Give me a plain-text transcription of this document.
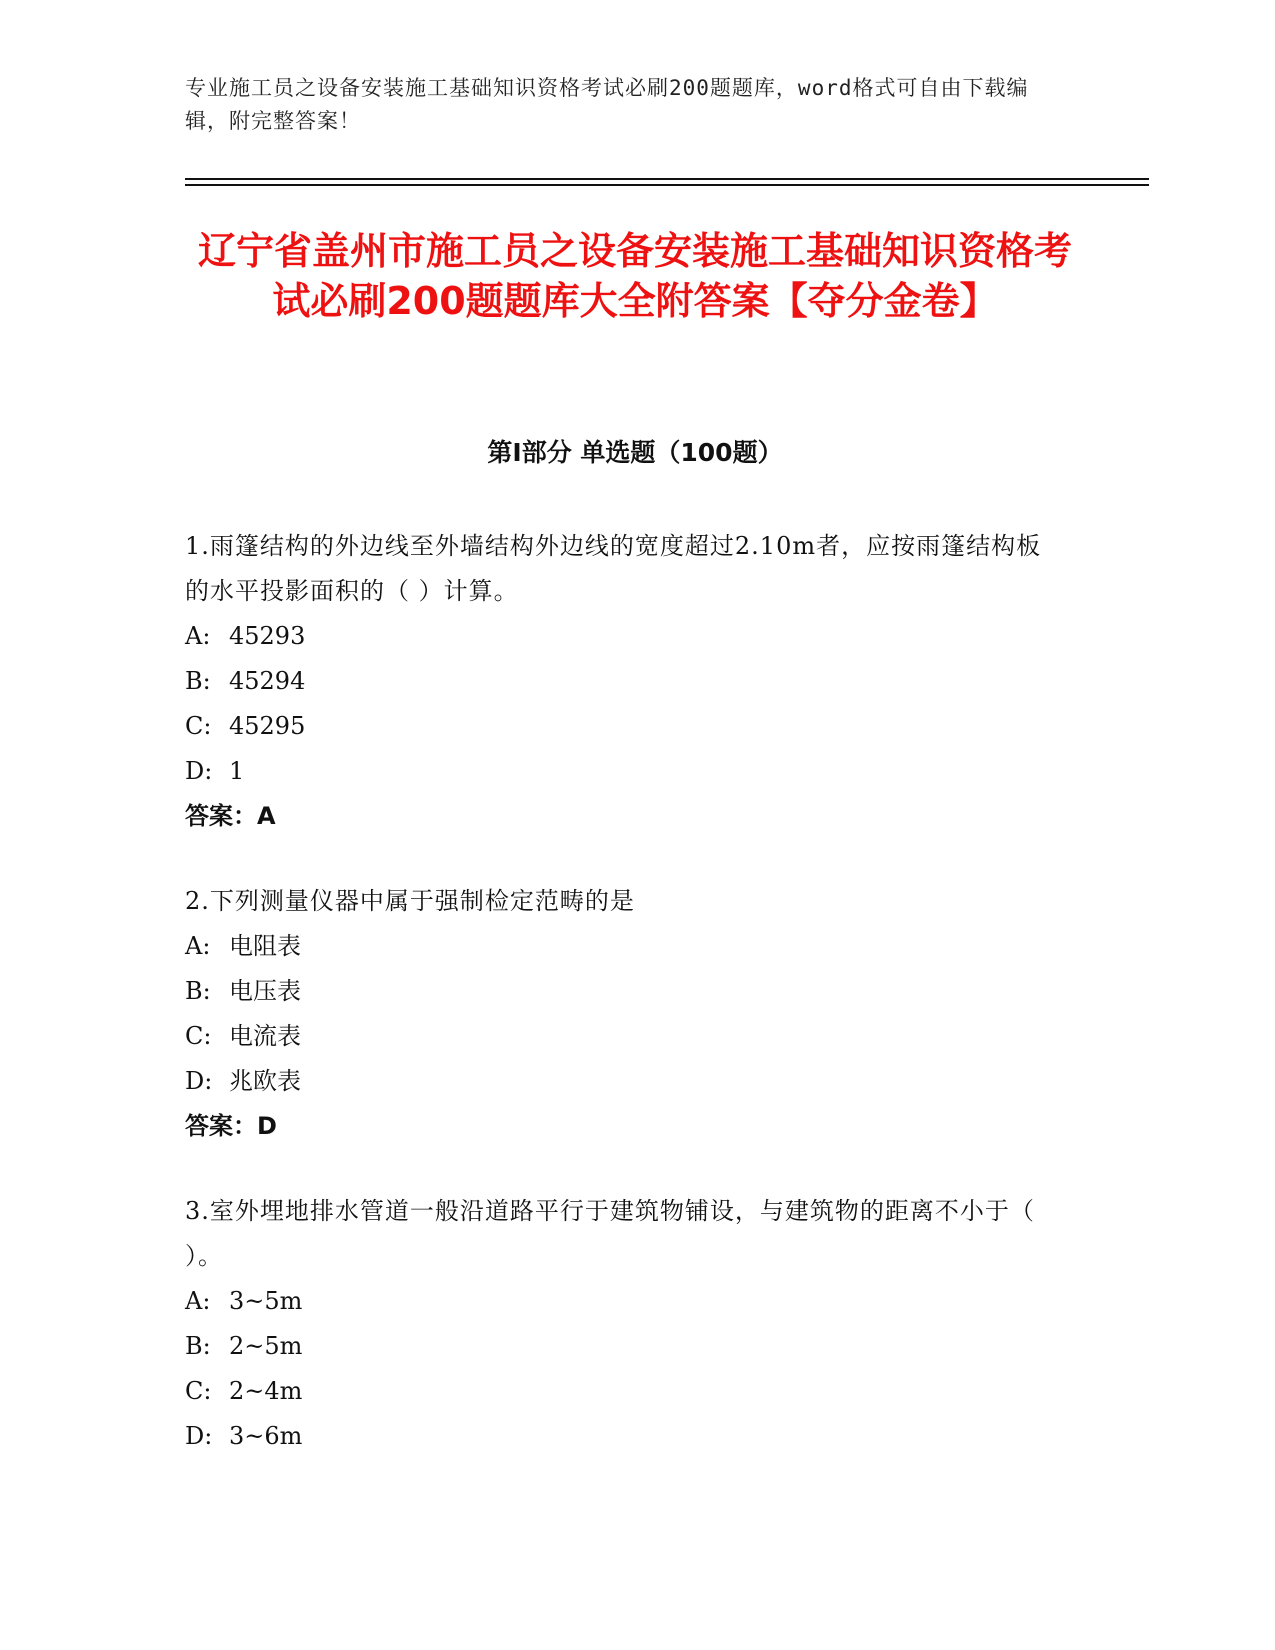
专业施工员之设备安装施工基础知识资格考试必刷200题题库，word格式可自由下载编辑，附完整答案！
辽宁省盖州市施工员之设备安装施工基础知识资格考试必刷200题题库大全附答案【夺分金卷】
第I部分 单选题（100题）
1.雨篷结构的外边线至外墙结构外边线的宽度超过2.10m者，应按雨篷结构板的水平投影面积的（ ）计算。
A: 45293
B: 45294
C: 45295
D: 1
答案：A
2.下列测量仪器中属于强制检定范畴的是
A: 电阻表
B: 电压表
C: 电流表
D: 兆欧表
答案：D
3.室外埋地排水管道一般沿道路平行于建筑物铺设，与建筑物的距离不小于（ ）。
A: 3~5m
B: 2~5m
C: 2~4m
D: 3~6m
